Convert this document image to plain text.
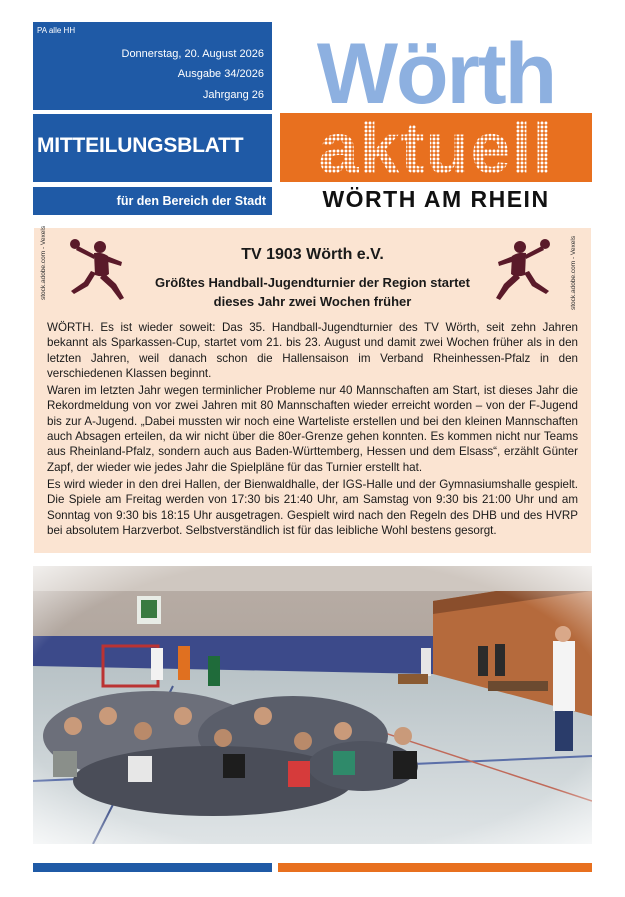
PA alle HH
Donnerstag, 20. August 2026
Ausgabe 34/2026
Jahrgang 26
MITTEILUNGSBLATT
für den Bereich der Stadt
Wörth
aktuell
WÖRTH AM RHEIN
stock.adobe.com - Vexels	stock.adobe.com - Vexels
TV 1903 Wörth e.V.
Größtes Handball-Jugendturnier der Region startet dieses Jahr zwei Wochen früher

WÖRTH. Es ist wieder soweit: Das 35. Handball-Jugendturnier des TV Wörth, seit zehn Jahren bekannt als Sparkassen-Cup, startet vom 21. bis 23. August und damit zwei Wochen früher als in den letzten Jahren, weil danach schon die Hallensaison im Verband Rheinhessen-Pfalz in den verschiedenen Klassen beginnt.

Waren im letzten Jahr wegen terminlicher Probleme nur 40 Mannschaften am Start, ist dieses Jahr die Rekordmeldung von vor zwei Jahren mit 80 Mannschaften wieder erreicht worden – von der F-Jugend bis zur A-Jugend. „Dabei mussten wir noch eine Warteliste erstellen und bei den kleinen Mannschaften auch Absagen erteilen, da wir nicht über die 80er-Grenze gehen konnten. Es kommen nicht nur Teams aus Rheinland-Pfalz, sondern auch aus Baden-Württemberg, Hessen und dem Elsass“, erzählt Günter Zapf, der wieder wie jedes Jahr die Spielpläne für das Turnier erstellt hat.

Es wird wieder in den drei Hallen, der Bienwaldhalle, der IGS-Halle und der Gymnasiumshalle gespielt. Die Spiele am Freitag werden von 17:30 bis 21:40 Uhr, am Samstag von 9:30 bis 21:00 Uhr und am Sonntag von 9:30 bis 18:15 Uhr ausgetragen. Gespielt wird nach den Regeln des DHB und des HVRP bei absolutem Harzverbot. Selbstverständlich ist für das leibliche Wohl bestens gesorgt.
